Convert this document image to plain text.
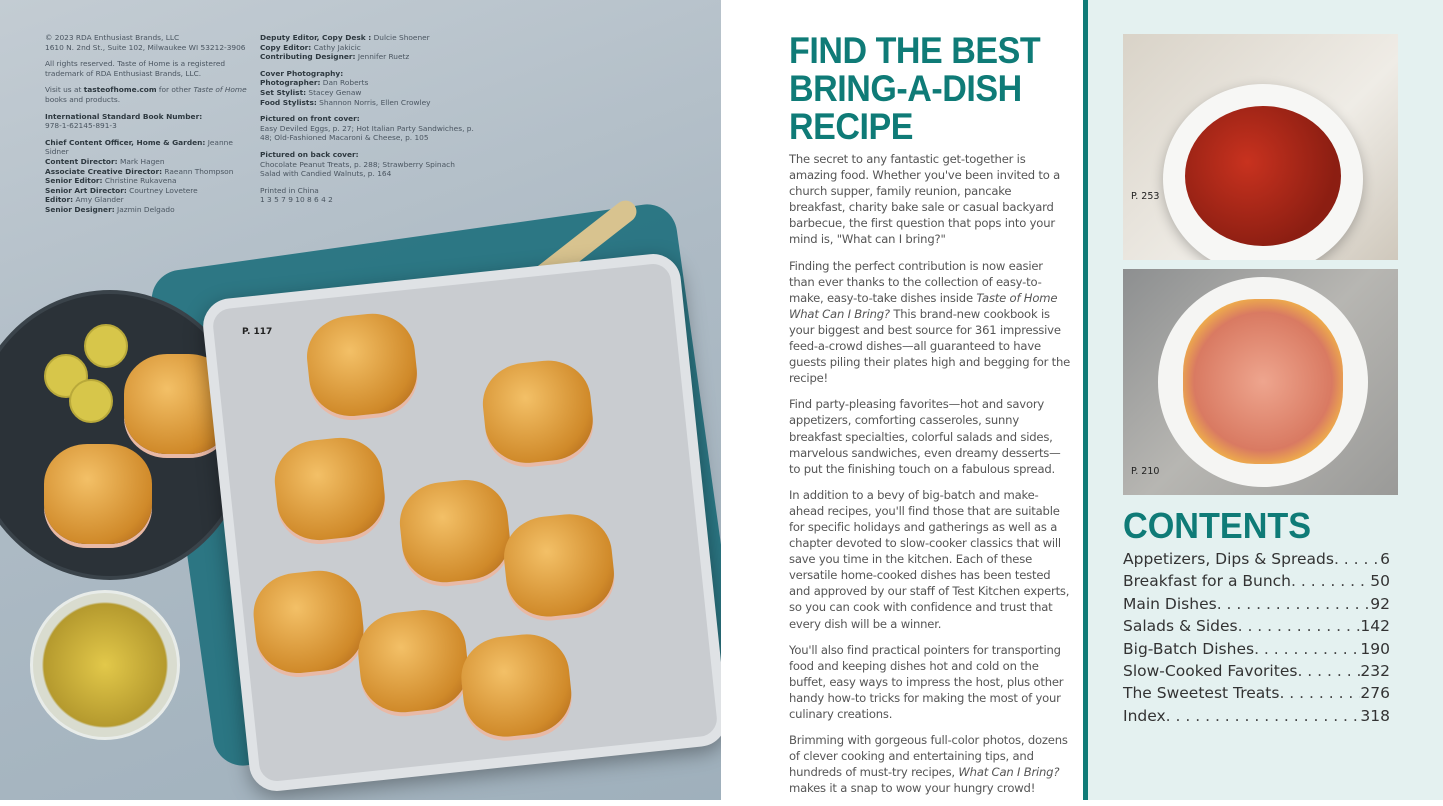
P. 117
© 2023 RDA Enthusiast Brands, LLC
1610 N. 2nd St., Suite 102, Milwaukee WI 53212-3906
All rights reserved. Taste of Home is a registered trademark of RDA Enthusiast Brands, LLC.
Visit us at tasteofhome.com for other Taste of Home books and products.
International Standard Book Number:
978-1-62145-891-3
Chief Content Officer, Home & Garden: Jeanne Sidner
Content Director: Mark Hagen
Associate Creative Director: Raeann Thompson
Senior Editor: Christine Rukavena
Senior Art Director: Courtney Lovetere
Editor: Amy Glander
Senior Designer: Jazmin Delgado
Deputy Editor, Copy Desk : Dulcie Shoener
Copy Editor: Cathy Jakicic
Contributing Designer: Jennifer Ruetz
Cover Photography:
Photographer: Dan Roberts
Set Stylist: Stacey Genaw
Food Stylists: Shannon Norris, Ellen Crowley
Pictured on front cover:
Easy Deviled Eggs, p. 27; Hot Italian Party Sandwiches, p. 48; Old-Fashioned Macaroni & Cheese, p. 105
Pictured on back cover:
Chocolate Peanut Treats, p. 288; Strawberry Spinach Salad with Candied Walnuts, p. 164
Printed in China
1 3 5 7 9 10 8 6 4 2
FIND THE BEST BRING-A-DISH RECIPE

The secret to any fantastic get-together is amazing food. Whether you've been invited to a church supper, family reunion, pancake breakfast, charity bake sale or casual backyard barbecue, the first question that pops into your mind is, "What can I bring?"

Finding the perfect contribution is now easier than ever thanks to the collection of easy-to-make, easy-to-take dishes inside Taste of Home What Can I Bring? This brand-new cookbook is your biggest and best source for 361 impressive feed-a-crowd dishes—all guaranteed to have guests piling their plates high and begging for the recipe!

Find party-pleasing favorites—hot and savory appetizers, comforting casseroles, sunny breakfast specialties, colorful salads and sides, marvelous sandwiches, even dreamy desserts—to put the finishing touch on a fabulous spread.

In addition to a bevy of big-batch and make-ahead recipes, you'll find those that are suitable for specific holidays and gatherings as well as a chapter devoted to slow-cooker classics that will save you time in the kitchen. Each of these versatile home-cooked dishes has been tested and approved by our staff of Test Kitchen experts, so you can cook with confidence and trust that every dish will be a winner.

You'll also find practical pointers for transporting food and keeping dishes hot and cold on the buffet, easy ways to impress the host, plus other handy how-to tricks for making the most of your culinary creations.

Brimming with gorgeous full-color photos, dozens of clever cooking and entertaining tips, and hundreds of must-try recipes, What Can I Bring? makes it a snap to wow your hungry crowd!

P. 253
P. 210
CONTENTS
Appetizers, Dips & Spreads . . .	6
Breakfast for a Bunch . . .	50
Main Dishes . . .	92
Salads & Sides . . .	142
Big-Batch Dishes . . .	190
Slow-Cooked Favorites . . .	232
The Sweetest Treats . . .	276
Index . . .	318
